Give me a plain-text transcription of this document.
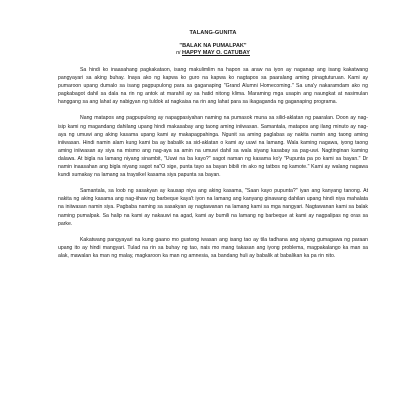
TALANG-GUNITA

"BALAK NA PUMALPAK"

ni HAPPY MAY O. CATUBAY

Sa hindi ko inaasahang pagkakataon, isang makulimlim na hapon sa araw na iyon ay naganap ang isang kakatwang pangyayari sa aking buhay. Inaya ako ng kapwa ko guro na kapwa ko nagtapos sa paaralang aming pinagtuturuan. Kami ay pumaroon upang dumalo sa isang pagpupulong para sa gaganaping "Grand Alumni Homecoming." Sa una'y nakaramdam ako ng pagkabagot dahil sa dala na rin ng antok at marahil ay sa hatid nitong klima. Maraming mga usapin ang naungkat at nasimulan hanggang sa ang lahat ay nabigyan ng tuldok at nagkaisa na rin ang lahat para sa ikagaganda ng gaganaping programa.

Nang matapos ang pagpupulong ay napagpasiyahan naming na pumasok muna sa silid-aklatan ng paaralan. Doon ay nag-isip kami ng magandang dahilang upang hindi makasabay ang taong aming iniiwasan. Samantala, matapos ang ilang minuto ay nag-aya ng umuwi ang aking kasama upang kami ay makapagpahinga. Ngunit sa aming paglabas ay nakita namin ang taong aming iniiwasan. Hindi namin alam kung kami ba ay babalik sa sid-aklatan o kami ay uuwi na lamang. Wala kaming nagawa, iyong taong aming iniiwasan ay siya na mismo ang nag-aya sa amin na umuwi dahil sa wala siyang kasabay sa pag-uwi. Nagtinginan kaming dalawa. At bigla na lamang niyang sinambit, "Uuwi na ba kayo?" sagot naman ng kasama ko'y "Pupunta pa po kami sa bayan." Dr namin inaasahan ang bigla niyang sagot na"O sige, punta tayo sa bayan bibili rin ako ng tatbos ng kamote." Kami ay walang nagawa kundi sumakay na lamang sa traysikel kasama siya papunta sa bayan.

Samantala, sa loob ng sasakyan ay kausap niya ang aking kasama, "Saan kayo pupunta?" iyan ang kanyang tanong. At nakita ng aking kasama ang nag-iihaw ng barbeque kaya't iyon na lamang ang kanyang ginawang dahilan upang hindi niya mahalata na iniiwasan namin siya. Pagbaba naming sa sasakyan ay nagtawanan na lamang kami sa mga nangyari. Nagtawanan kami sa balak naming pumalpak. Sa halip na kami ay nakauwi na agad, kami ay bumili na lamang ng barbeque at kami ay nagpalipas ng oras sa parke.

Kakatwang pangyayari na kung gaano mo gustong iwasan ang isang tao ay tila tadhana ang siyang gumagawa ng paraan upang ito ay hindi mangyari. Tulad na rin sa buhay ng tao, nais mo mang takasan ang iyong problema, magpakalango ka man sa alak, mawalan ka man ng malay, magkaroon ka man ng amnesia, sa bandang huli ay babalik at babalikan ka pa rin nito.
